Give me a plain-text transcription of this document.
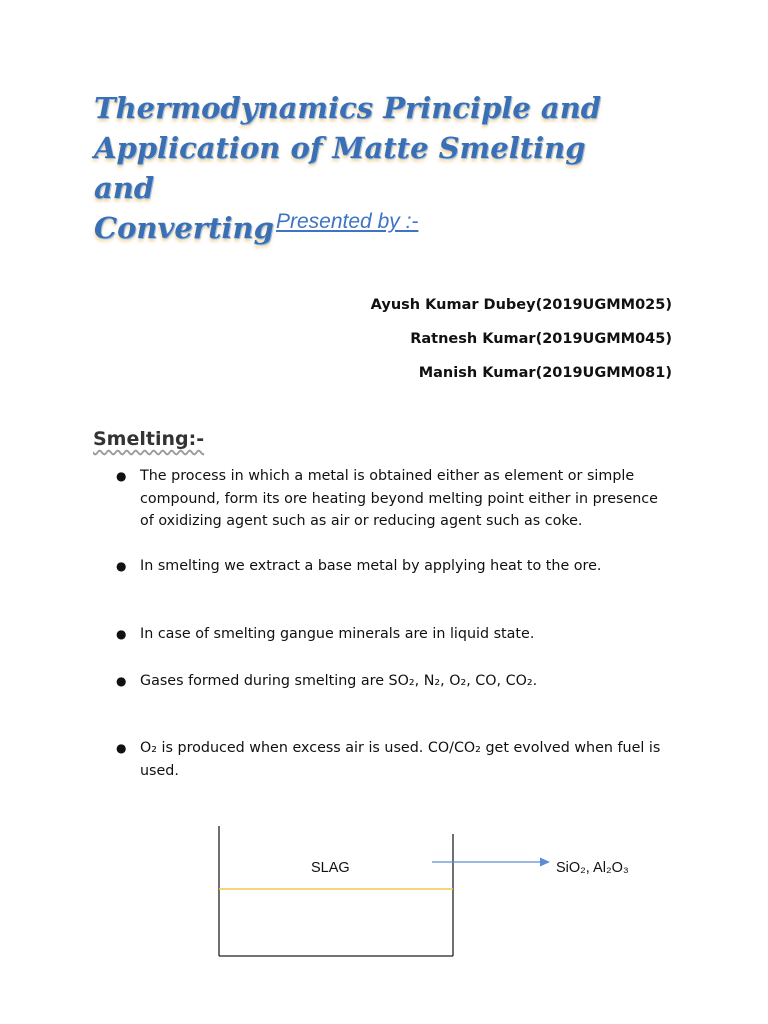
Thermodynamics Principle and
Application of Matte Smelting and
Converting Presented by :-
Ayush Kumar Dubey(2019UGMM025)
Ratnesh Kumar(2019UGMM045)
Manish Kumar(2019UGMM081)
Smelting:-
● The process in which a metal is obtained either as element or simple compound, form its ore heating beyond melting point either in presence of oxidizing agent such as air or reducing agent such as coke.
● In smelting we extract a base metal by applying heat to the ore.
● In case of smelting gangue minerals are in liquid state.
● Gases formed during smelting are SO₂, N₂, O₂, CO, CO₂.
● O₂ is produced when excess air is used. CO/CO₂ get evolved when fuel is used.
SLAG	SiO₂, Al₂O₃
